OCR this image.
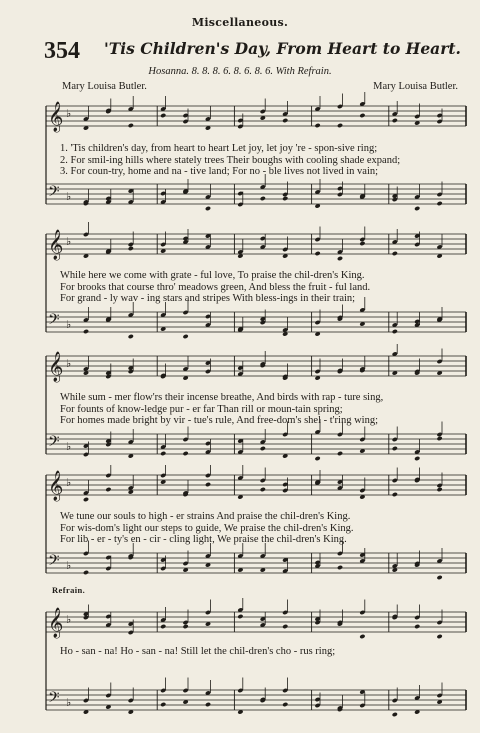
Miscellaneous.
354 'Tis Children's Day, From Heart to Heart.
Hosanna. 8. 8. 8. 6. 8. 6. 8. 6. With Refrain.
Mary Louisa Butler.	Mary Louisa Butler.
𝄞 ♭
𝄢 ♭
1. 'Tis children's day, from heart to heart Let joy, let joy 're - spon-sive ring;
2. For smil-ing hills where stately trees Their boughs with cooling shade expand;
3. For coun-try, home and na - tive land; For no - ble lives not lived in vain;
𝄞 ♭
𝄢 ♭
While here we come with grate - ful love, To praise the chil-dren's King.
For brooks that course thro' meadows green, And bless the fruit - ful land.
For grand - ly wav - ing stars and stripes With bless-ings in their train;
𝄞 ♭
𝄢 ♭
While sum - mer flow'rs their incense breathe, And birds with rap - ture sing,
For founts of know-ledge pur - er far Than rill or moun-tain spring;
For homes made bright by vir - tue's rule, And free-dom's shel - t'ring wing;
𝄞 ♭
𝄢 ♭
We tune our souls to high - er strains And praise the chil-dren's King.
For wis-dom's light our steps to guide, We praise the chil-dren's King.
For lib - er - ty's en - cir - cling light, We praise the chil-dren's King.
Refrain.
𝄞 ♭
𝄢 ♭
Ho - san - na! Ho - san - na! Still let the chil-dren's cho - rus ring;
